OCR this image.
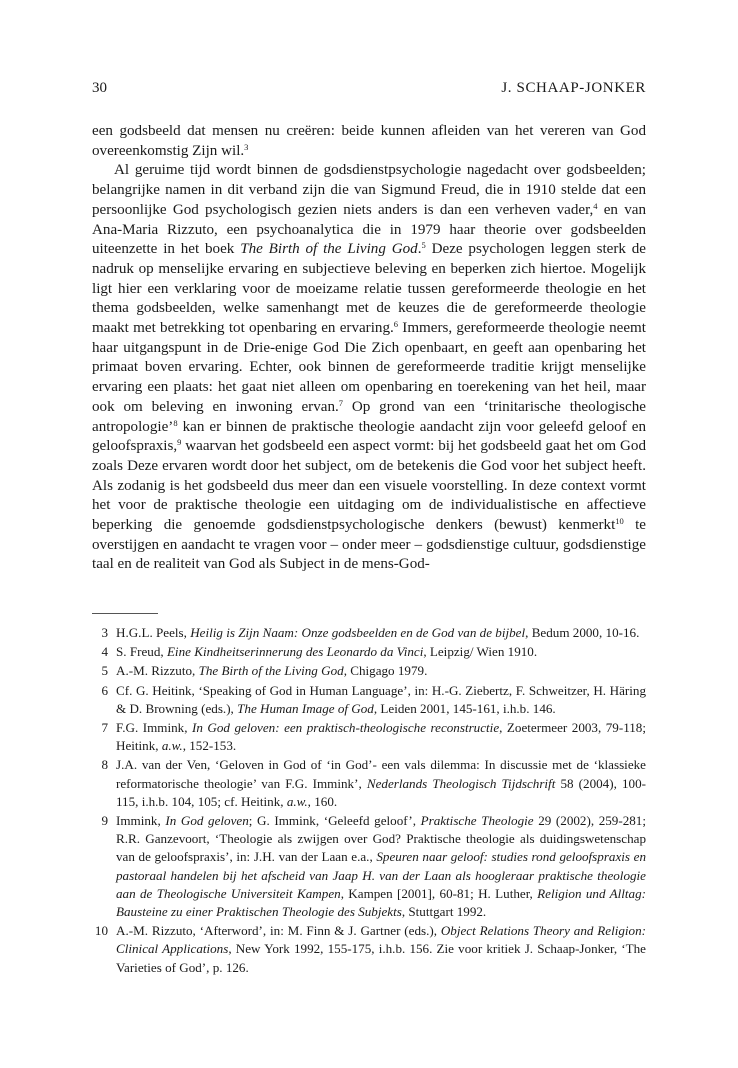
30	J. SCHAAP-JONKER

een godsbeeld dat mensen nu creëren: beide kunnen afleiden van het vereren van God overeenkomstig Zijn wil.$^3$

Al geruime tijd wordt binnen de godsdienstpsychologie nagedacht over godsbeelden; belangrijke namen in dit verband zijn die van Sigmund Freud, die in 1910 stelde dat een persoonlijke God psychologisch gezien niets anders is dan een verheven vader,$^4$ en van Ana-Maria Rizzuto, een psychoanalytica die in 1979 haar theorie over godsbeelden uiteenzette in het boek The Birth of the Living God.$^5$ Deze psychologen leggen sterk de nadruk op menselijke ervaring en subjectieve beleving en beperken zich hiertoe. Mogelijk ligt hier een verklaring voor de moeizame relatie tussen gereformeerde theologie en het thema godsbeelden, welke samenhangt met de keuzes die de gereformeerde theologie maakt met betrekking tot openbaring en ervaring.$^6$ Immers, gereformeerde theologie neemt haar uitgangspunt in de Drie-enige God Die Zich openbaart, en geeft aan openbaring het primaat boven ervaring. Echter, ook binnen de gereformeerde traditie krijgt menselijke ervaring een plaats: het gaat niet alleen om openbaring en toerekening van het heil, maar ook om beleving en inwoning ervan.$^7$ Op grond van een ‘trinitarische theologische antropologie’$^8$ kan er binnen de praktische theologie aandacht zijn voor geleefd geloof en geloofspraxis,$^9$ waarvan het godsbeeld een aspect vormt: bij het godsbeeld gaat het om God zoals Deze ervaren wordt door het subject, om de betekenis die God voor het subject heeft. Als zodanig is het godsbeeld dus meer dan een visuele voorstelling. In deze context vormt het voor de praktische theologie een uitdaging om de individualistische en affectieve beperking die genoemde godsdienstpsychologische denkers (bewust) kenmerkt$^{10}$ te overstijgen en aandacht te vragen voor – onder meer – godsdienstige cultuur, godsdienstige taal en de realiteit van God als Subject in de mens-God-

3 H.G.L. Peels, Heilig is Zijn Naam: Onze godsbeelden en de God van de bijbel, Bedum 2000, 10-16.
4 S. Freud, Eine Kindheitserinnerung des Leonardo da Vinci, Leipzig/ Wien 1910.
5 A.-M. Rizzuto, The Birth of the Living God, Chigago 1979.
6 Cf. G. Heitink, ‘Speaking of God in Human Language’, in: H.-G. Ziebertz, F. Schweitzer, H. Häring & D. Browning (eds.), The Human Image of God, Leiden 2001, 145-161, i.h.b. 146.
7 F.G. Immink, In God geloven: een praktisch-theologische reconstructie, Zoetermeer 2003, 79-118; Heitink, a.w., 152-153.
8 J.A. van der Ven, ‘Geloven in God of ‘in God’- een vals dilemma: In discussie met de ‘klassieke reformatorische theologie’ van F.G. Immink’, Nederlands Theologisch Tijdschrift 58 (2004), 100-115, i.h.b. 104, 105; cf. Heitink, a.w., 160.
9 Immink, In God geloven; G. Immink, ‘Geleefd geloof’, Praktische Theologie 29 (2002), 259-281; R.R. Ganzevoort, ‘Theologie als zwijgen over God? Praktische theologie als duidingswetenschap van de geloofspraxis’, in: J.H. van der Laan e.a., Speuren naar geloof: studies rond geloofspraxis en pastoraal handelen bij het afscheid van Jaap H. van der Laan als hoogleraar praktische theologie aan de Theologische Universiteit Kampen, Kampen [2001], 60-81; H. Luther, Religion und Alltag: Bausteine zu einer Praktischen Theologie des Subjekts, Stuttgart 1992.
10 A.-M. Rizzuto, ‘Afterword’, in: M. Finn & J. Gartner (eds.), Object Relations Theory and Religion: Clinical Applications, New York 1992, 155-175, i.h.b. 156. Zie voor kritiek J. Schaap-Jonker, ‘The Varieties of God’, p. 126.
